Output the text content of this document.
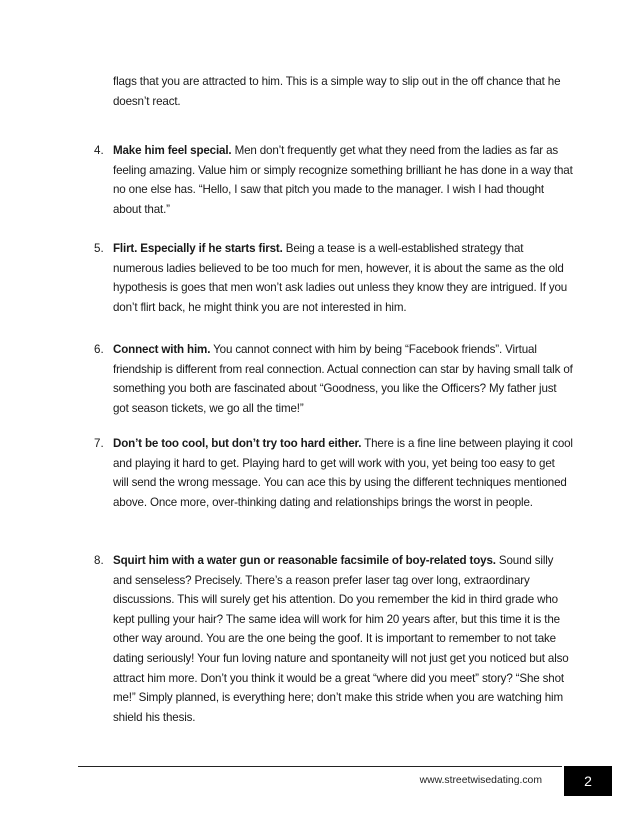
flags that you are attracted to him. This is a simple way to slip out in the off chance that he doesn’t react.
4. Make him feel special. Men don’t frequently get what they need from the ladies as far as feeling amazing. Value him or simply recognize something brilliant he has done in a way that no one else has. “Hello, I saw that pitch you made to the manager. I wish I had thought about that.”
5. Flirt. Especially if he starts first. Being a tease is a well-established strategy that numerous ladies believed to be too much for men, however, it is about the same as the old hypothesis is goes that men won’t ask ladies out unless they know they are intrigued. If you don’t flirt back, he might think you are not interested in him.
6. Connect with him. You cannot connect with him by being “Facebook friends”. Virtual friendship is different from real connection. Actual connection can star by having small talk of something you both are fascinated about “Goodness, you like the Officers? My father just got season tickets, we go all the time!”
7. Don’t be too cool, but don’t try too hard either. There is a fine line between playing it cool and playing it hard to get. Playing hard to get will work with you, yet being too easy to get will send the wrong message. You can ace this by using the different techniques mentioned above. Once more, over-thinking dating and relationships brings the worst in people.
8. Squirt him with a water gun or reasonable facsimile of boy-related toys. Sound silly and senseless? Precisely. There’s a reason prefer laser tag over long, extraordinary discussions. This will surely get his attention. Do you remember the kid in third grade who kept pulling your hair? The same idea will work for him 20 years after, but this time it is the other way around. You are the one being the goof. It is important to remember to not take dating seriously! Your fun loving nature and spontaneity will not just get you noticed but also attract him more. Don’t you think it would be a great “where did you meet” story? “She shot me!” Simply planned, is everything here; don’t make this stride when you are watching him shield his thesis.
www.streetwisedating.com	2
